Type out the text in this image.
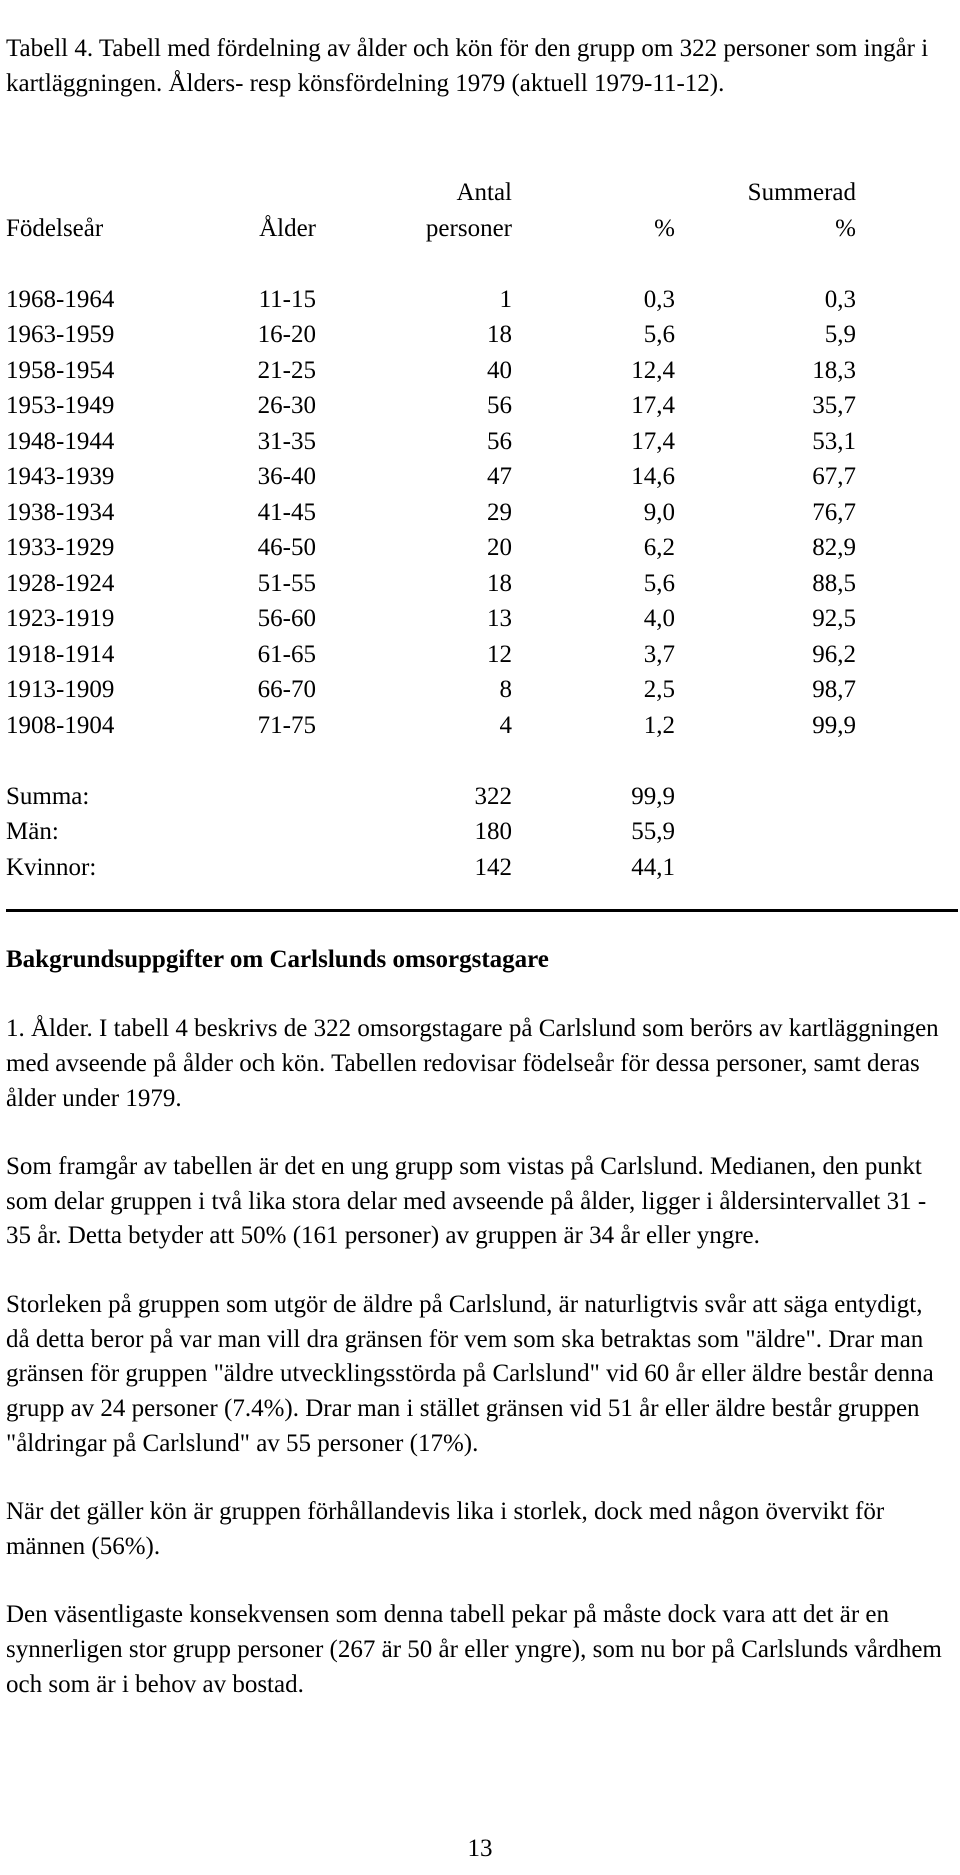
Tabell 4. Tabell med fördelning av ålder och kön för den grupp om 322 personer som ingår i kartläggningen. Ålders- resp könsfördelning 1979 (aktuell 1979-11-12).

		Antal		Summerad
Födelseår	Ålder	personer	%	%

1968-1964	11-15	1	0,3	0,3
1963-1959	16-20	18	5,6	5,9
1958-1954	21-25	40	12,4	18,3
1953-1949	26-30	56	17,4	35,7
1948-1944	31-35	56	17,4	53,1
1943-1939	36-40	47	14,6	67,7
1938-1934	41-45	29	9,0	76,7
1933-1929	46-50	20	6,2	82,9
1928-1924	51-55	18	5,6	88,5
1923-1919	56-60	13	4,0	92,5
1918-1914	61-65	12	3,7	96,2
1913-1909	66-70	8	2,5	98,7
1908-1904	71-75	4	1,2	99,9

Summa:		322	99,9	
Män:		180	55,9	
Kvinnor:		142	44,1	
Bakgrundsuppgifter om Carlslunds omsorgstagare

1. Ålder. I tabell 4 beskrivs de 322 omsorgstagare på Carlslund som berörs av kartläggningen med avseende på ålder och kön. Tabellen redovisar födelseår för dessa personer, samt deras ålder under 1979.

Som framgår av tabellen är det en ung grupp som vistas på Carlslund. Medianen, den punkt som delar gruppen i två lika stora delar med avseende på ålder, ligger i åldersintervallet 31 - 35 år. Detta betyder att 50% (161 personer) av gruppen är 34 år eller yngre.

Storleken på gruppen som utgör de äldre på Carlslund, är naturligtvis svår att säga entydigt, då detta beror på var man vill dra gränsen för vem som ska betraktas som "äldre". Drar man gränsen för gruppen "äldre utvecklingsstörda på Carlslund" vid 60 år eller äldre består denna grupp av 24 personer (7.4%). Drar man i stället gränsen vid 51 år eller äldre består gruppen "åldringar på Carlslund" av 55 personer (17%).

När det gäller kön är gruppen förhållandevis lika i storlek, dock med någon övervikt för männen (56%).

Den väsentligaste konsekvensen som denna tabell pekar på måste dock vara att det är en synnerligen stor grupp personer (267 är 50 år eller yngre), som nu bor på Carlslunds vårdhem och som är i behov av bostad.

13
